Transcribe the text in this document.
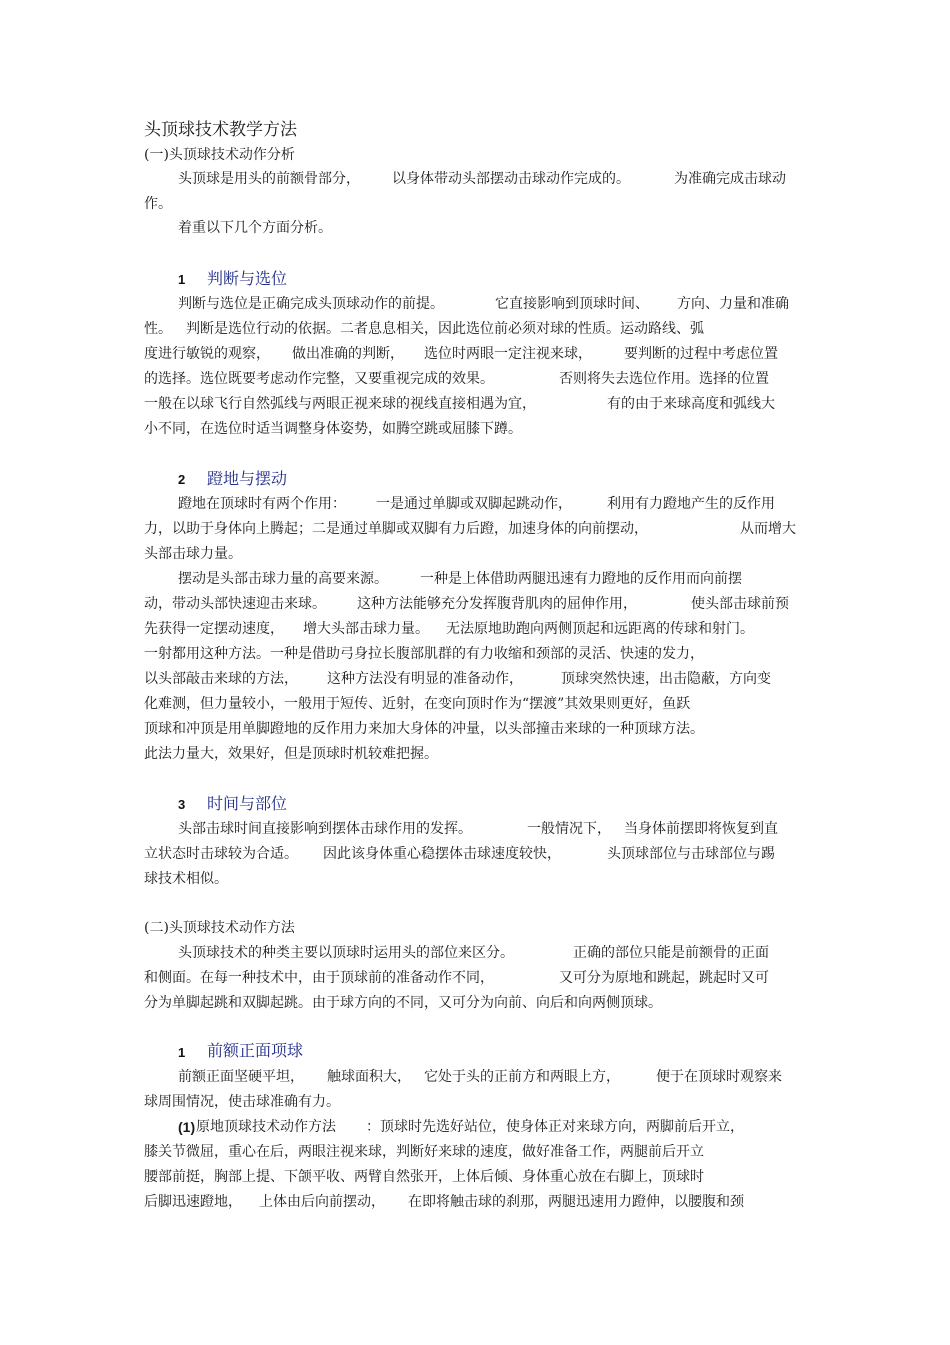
头顶球技术教学方法
(一)头顶球技术动作分析
头顶球是用头的前额骨部分， 以身体带动头部摆动击球动作完成的。	为准确完成击球动
作。
着重以下几个方面分析。
1 判断与选位
判断与选位是正确完成头顶球动作的前提。	它直接影响到顶球时间、 方向、力量和准确
性。 判断是选位行动的依据。二者息息相关，因此选位前必须对球的性质。运动路线、弧
度进行敏锐的观察， 做出准确的判断， 选位时两眼一定注视来球， 要判断的过程中考虑位置
的选择。选位既要考虑动作完整，又要重视完成的效果。	否则将失去选位作用。选择的位置
一般在以球飞行自然弧线与两眼正视来球的视线直接相遇为宜，	有的由于来球高度和弧线大
小不同，在选位时适当调整身体姿势，如腾空跳或屈膝下蹲。
2 蹬地与摆动
蹬地在顶球时有两个作用： 一是通过单脚或双脚起跳动作，	利用有力蹬地产生的反作用
力，以助于身体向上腾起；二是通过单脚或双脚有力后蹬，加速身体的向前摆动，	从而增大
头部击球力量。
摆动是头部击球力量的高要来源。 一种是上体借助两腿迅速有力蹬地的反作用而向前摆
动，带动头部快速迎击来球。 这种方法能够充分发挥腹背肌肉的屈伸作用，	使头部击球前预
先获得一定摆动速度， 增大头部击球力量。 无法原地助跑向两侧顶起和远距离的传球和射门。
一射都用这种方法。一种是借助弓身拉长腹部肌群的有力收缩和颈部的灵活、快速的发力，
以头部敲击来球的方法， 这种方法没有明显的准备动作，	顶球突然快速，出击隐蔽，方向变
化难测，但力量较小，一般用于短传、近射，在变向顶时作为“摆渡”其效果则更好，鱼跃
顶球和冲顶是用单脚蹬地的反作用力来加大身体的冲量，以头部撞击来球的一种顶球方法。
此法力量大，效果好，但是顶球时机较难把握。
3 时间与部位
头部击球时间直接影响到摆体击球作用的发挥。	一般情况下， 当身体前摆即将恢复到直
立状态时击球较为合适。 因此该身体重心稳摆体击球速度较快，	头顶球部位与击球部位与踢
球技术相似。
(二)头顶球技术动作方法
头顶球技术的种类主要以顶球时运用头的部位来区分。	正确的部位只能是前额骨的正面
和侧面。在每一种技术中，由于顶球前的准备动作不同，	又可分为原地和跳起，跳起时又可
分为单脚起跳和双脚起跳。由于球方向的不同，又可分为向前、向后和向两侧顶球。
1 前额正面项球
前额正面坚硬平坦， 触球面积大， 它处于头的正前方和两眼上方，	便于在顶球时观察来
球周围情况，使击球准确有力。
(1) 原地顶球技术动作方法 ：顶球时先选好站位，使身体正对来球方向，两脚前后开立，
膝关节微屈，重心在后，两眼注视来球，判断好来球的速度，做好准备工作，两腿前后开立
腰部前挺，胸部上提、下颌平收、两臂自然张开，上体后倾、身体重心放在右脚上，顶球时
后脚迅速蹬地， 上体由后向前摆动， 在即将触击球的刹那，两腿迅速用力蹬伸，以腰腹和颈
